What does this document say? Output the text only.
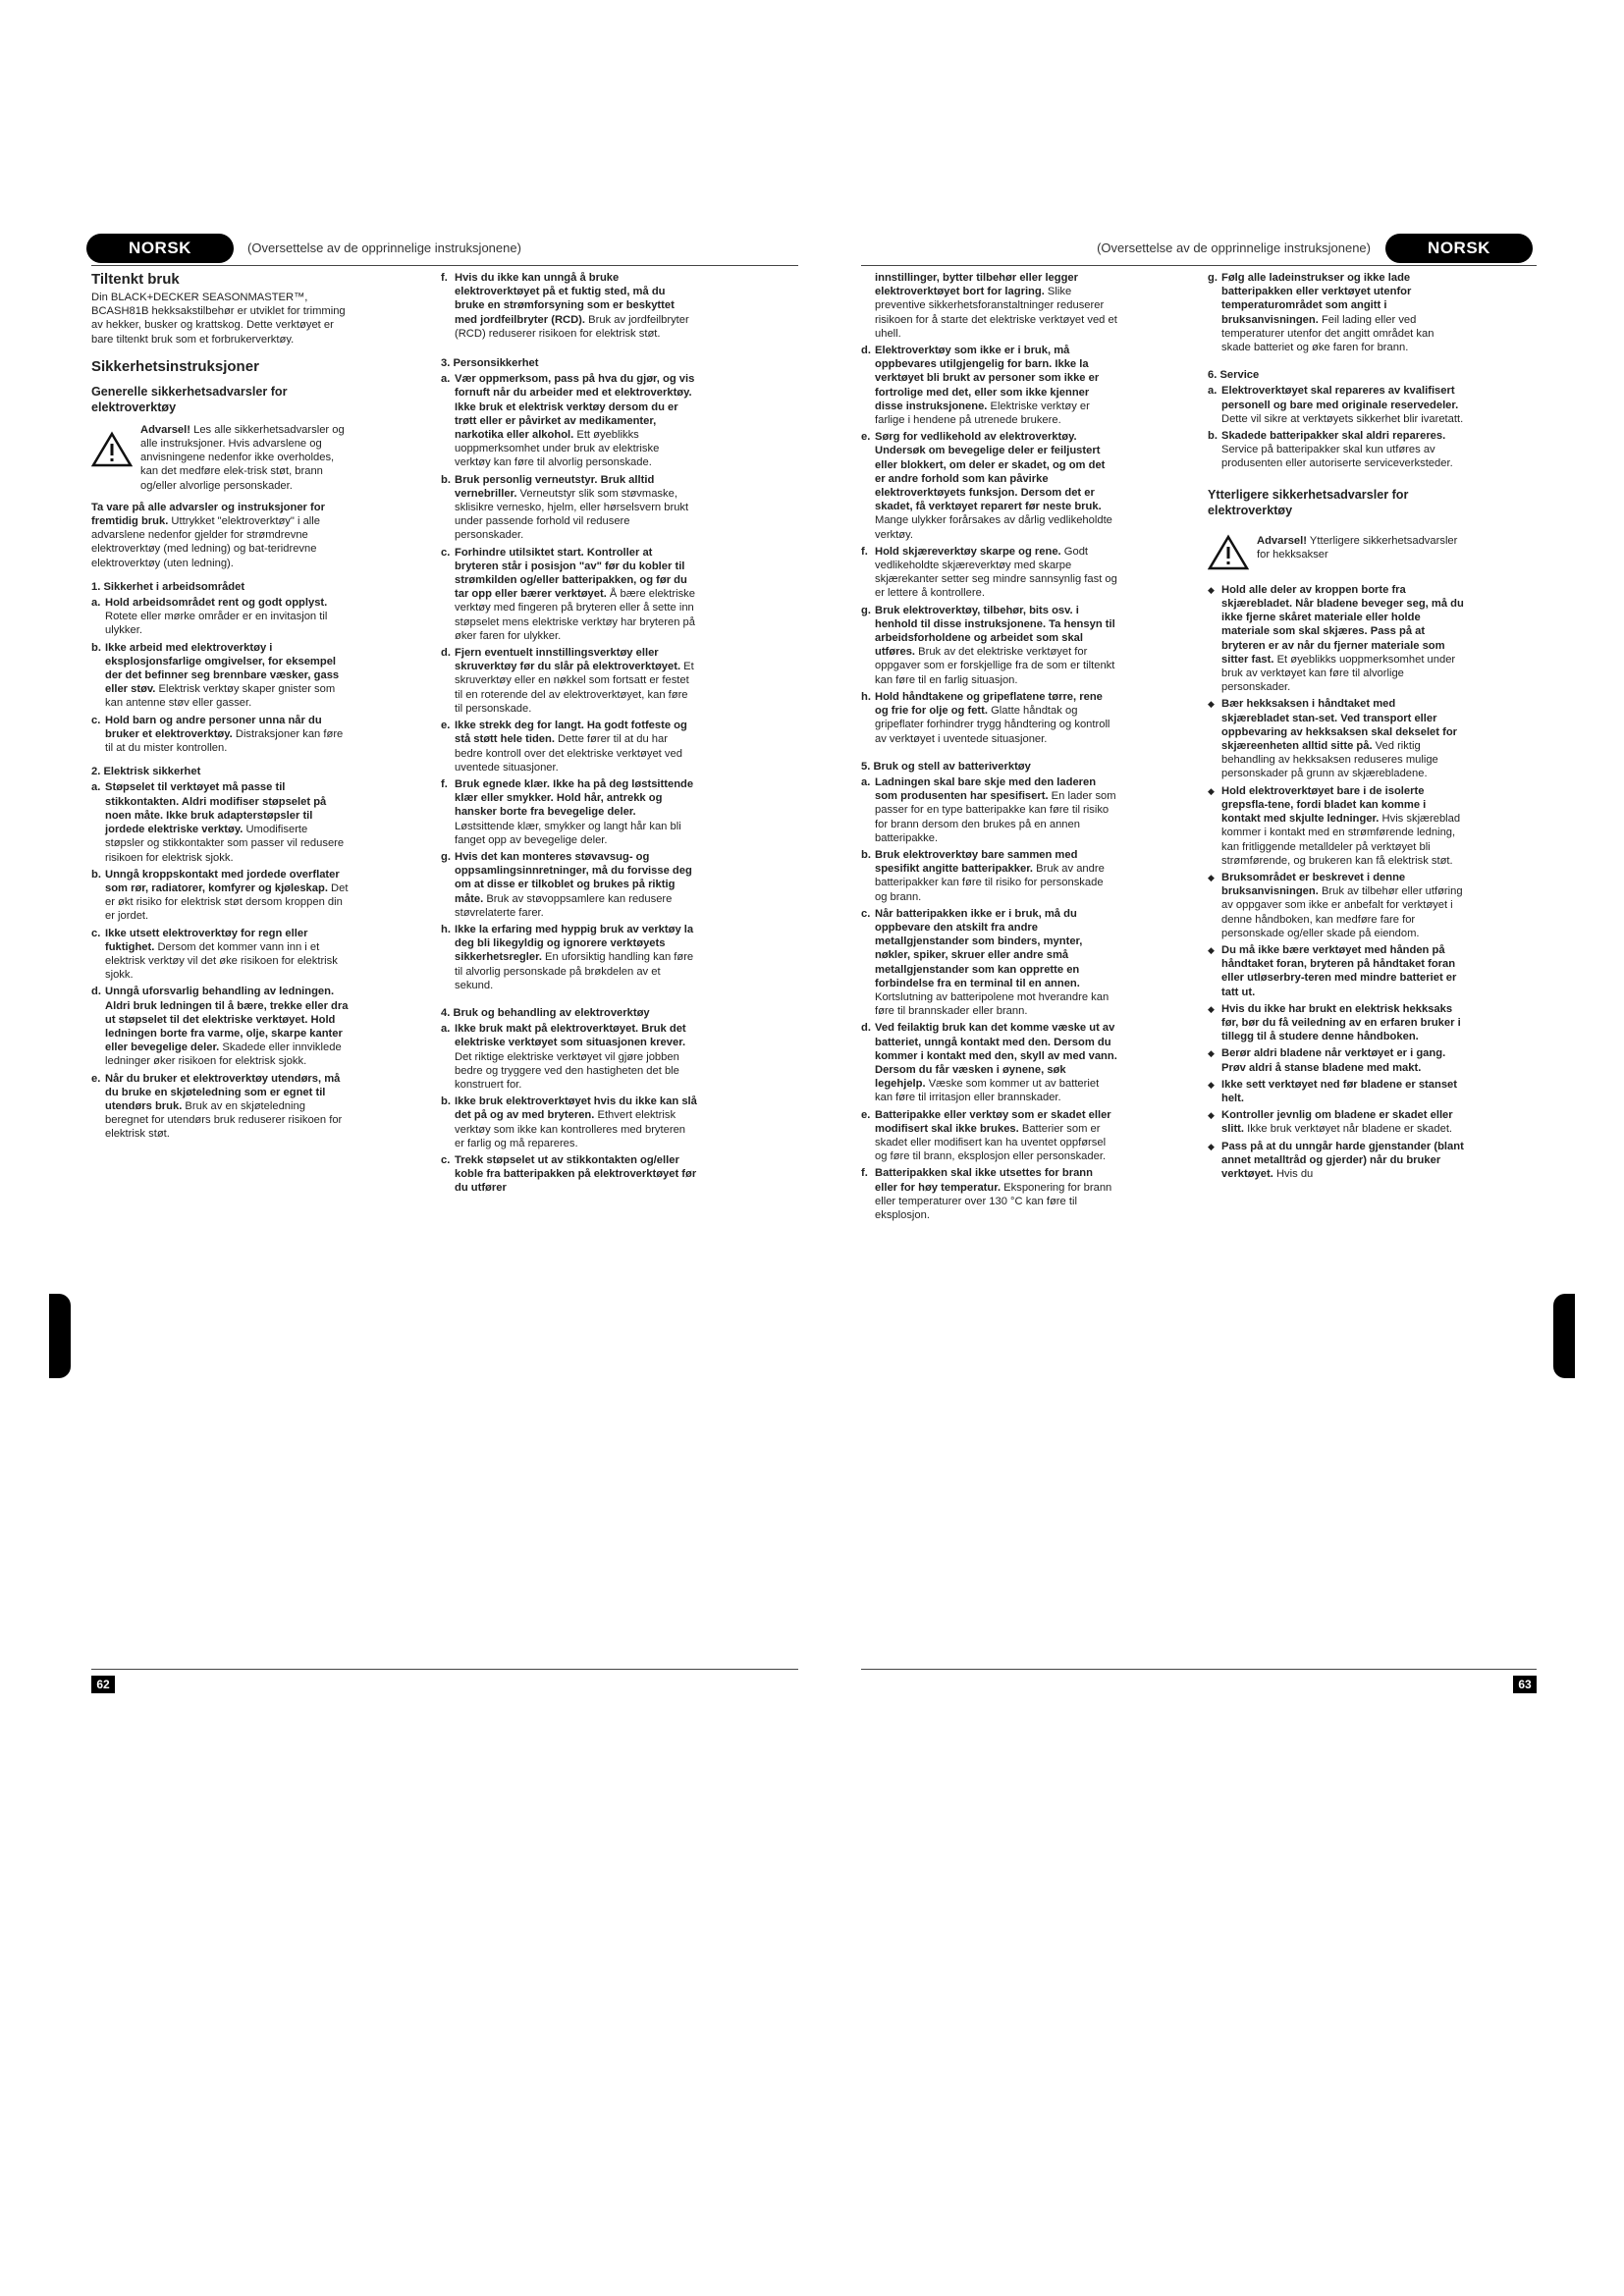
NORSK	(Oversettelse av de opprinnelige instruksjonene)
Tiltenkt bruk

Din BLACK+DECKER SEASONMASTER™, BCASH81B hekksakstilbehør er utviklet for trimming av hekker, busker og krattskog. Dette verktøyet er bare tiltenkt bruk som et forbrukerverktøy.

Sikkerhetsinstruksjoner
Generelle sikkerhetsadvarsler for elektroverktøy
Advarsel! Les alle sikkerhetsadvarsler og alle instruksjoner. Hvis advarslene og anvisningene nedenfor ikke overholdes, kan det medføre elek-trisk støt, brann og/eller alvorlige personskader.

Ta vare på alle advarsler og instruksjoner for fremtidig bruk. Uttrykket "elektroverktøy" i alle advarslene nedenfor gjelder for strømdrevne elektroverktøy (med ledning) og bat-teridrevne elektroverktøy (uten ledning).

1. Sikkerhet i arbeidsområdet
a. Hold arbeidsområdet rent og godt opplyst. Rotete eller mørke områder er en invitasjon til ulykker.
b. Ikke arbeid med elektroverktøy i eksplosjonsfarlige omgivelser, for eksempel der det befinner seg brennbare væsker, gass eller støv. Elektrisk verktøy skaper gnister som kan antenne støv eller gasser.
c. Hold barn og andre personer unna når du bruker et elektroverktøy. Distraksjoner kan føre til at du mister kontrollen.
2. Elektrisk sikkerhet
a. Støpselet til verktøyet må passe til stikkontakten. Aldri modifiser støpselet på noen måte. Ikke bruk adapterstøpsler til jordede elektriske verktøy. Umodifiserte støpsler og stikkontakter som passer vil redusere risikoen for elektrisk sjokk.
b. Unngå kroppskontakt med jordede overflater som rør, radiatorer, komfyrer og kjøleskap. Det er økt risiko for elektrisk støt dersom kroppen din er jordet.
c. Ikke utsett elektroverktøy for regn eller fuktighet. Dersom det kommer vann inn i et elektrisk verktøy vil det øke risikoen for elektrisk sjokk.
d. Unngå uforsvarlig behandling av ledningen. Aldri bruk ledningen til å bære, trekke eller dra ut støpselet til det elektriske verktøyet. Hold ledningen borte fra varme, olje, skarpe kanter eller bevegelige deler. Skadede eller innviklede ledninger øker risikoen for elektrisk sjokk.
e. Når du bruker et elektroverktøy utendørs, må du bruke en skjøteledning som er egnet til utendørs bruk. Bruk av en skjøteledning beregnet for utendørs bruk reduserer risikoen for elektrisk støt.
f. Hvis du ikke kan unngå å bruke elektroverktøyet på et fuktig sted, må du bruke en strømforsyning som er beskyttet med jordfeilbryter (RCD). Bruk av jordfeilbryter (RCD) reduserer risikoen for elektrisk støt.
3. Personsikkerhet
a. Vær oppmerksom, pass på hva du gjør, og vis fornuft når du arbeider med et elektroverktøy. Ikke bruk et elektrisk verktøy dersom du er trøtt eller er påvirket av medikamenter, narkotika eller alkohol. Ett øyeblikks uoppmerksomhet under bruk av elektriske verktøy kan føre til alvorlig personskade.
b. Bruk personlig verneutstyr. Bruk alltid vernebriller. Verneutstyr slik som støvmaske, sklisikre vernesko, hjelm, eller hørselsvern brukt under passende forhold vil redusere personskader.
c. Forhindre utilsiktet start. Kontroller at bryteren står i posisjon "av" før du kobler til strømkilden og/eller batteripakken, og før du tar opp eller bærer verktøyet. Å bære elektriske verktøy med fingeren på bryteren eller å sette inn støpselet mens elektriske verktøy har bryteren på øker faren for ulykker.
d. Fjern eventuelt innstillingsverktøy eller skruverktøy før du slår på elektroverktøyet. Et skruverktøy eller en nøkkel som fortsatt er festet til en roterende del av elektroverktøyet, kan føre til personskade.
e. Ikke strekk deg for langt. Ha godt fotfeste og stå støtt hele tiden. Dette fører til at du har bedre kontroll over det elektriske verktøyet ved uventede situasjoner.
f. Bruk egnede klær. Ikke ha på deg løstsittende klær eller smykker. Hold hår, antrekk og hansker borte fra bevegelige deler. Løstsittende klær, smykker og langt hår kan bli fanget opp av bevegelige deler.
g. Hvis det kan monteres støvavsug- og oppsamlingsinnretninger, må du forvisse deg om at disse er tilkoblet og brukes på riktig måte. Bruk av støvoppsamlere kan redusere støvrelaterte farer.
h. Ikke la erfaring med hyppig bruk av verktøy la deg bli likegyldig og ignorere verktøyets sikkerhetsregler. En uforsiktig handling kan føre til alvorlig personskade på brøkdelen av et sekund.
4. Bruk og behandling av elektroverktøy
a. Ikke bruk makt på elektroverktøyet. Bruk det elektriske verktøyet som situasjonen krever. Det riktige elektriske verktøyet vil gjøre jobben bedre og tryggere ved den hastigheten det ble konstruert for.
b. Ikke bruk elektroverktøyet hvis du ikke kan slå det på og av med bryteren. Ethvert elektrisk verktøy som ikke kan kontrolleres med bryteren er farlig og må repareres.
c. Trekk støpselet ut av stikkontakten og/eller koble fra batteripakken på elektroverktøyet før du utfører
62
(Oversettelse av de opprinnelige instruksjonene)	NORSK
innstillinger, bytter tilbehør eller legger elektroverktøyet bort for lagring. Slike preventive sikkerhetsforanstaltninger reduserer risikoen for å starte det elektriske verktøyet ved et uhell.
d. Elektroverktøy som ikke er i bruk, må oppbevares utilgjengelig for barn. Ikke la verktøyet bli brukt av personer som ikke er fortrolige med det, eller som ikke kjenner disse instruksjonene. Elektriske verktøy er farlige i hendene på utrenede brukere.
e. Sørg for vedlikehold av elektroverktøy. Undersøk om bevegelige deler er feiljustert eller blokkert, om deler er skadet, og om det er andre forhold som kan påvirke elektroverktøyets funksjon. Dersom det er skadet, få verktøyet reparert før neste bruk. Mange ulykker forårsakes av dårlig vedlikeholdte verktøy.
f. Hold skjæreverktøy skarpe og rene. Godt vedlikeholdte skjæreverktøy med skarpe skjærekanter setter seg mindre sannsynlig fast og er lettere å kontrollere.
g. Bruk elektroverktøy, tilbehør, bits osv. i henhold til disse instruksjonene. Ta hensyn til arbeidsforholdene og arbeidet som skal utføres. Bruk av det elektriske verktøyet for oppgaver som er forskjellige fra de som er tiltenkt kan føre til en farlig situasjon.
h. Hold håndtakene og gripeflatene tørre, rene og frie for olje og fett. Glatte håndtak og gripeflater forhindrer trygg håndtering og kontroll av verktøyet i uventede situasjoner.
5. Bruk og stell av batteriverktøy
a. Ladningen skal bare skje med den laderen som produsenten har spesifisert. En lader som passer for en type batteripakke kan føre til risiko for brann dersom den brukes på en annen batteripakke.
b. Bruk elektroverktøy bare sammen med spesifikt angitte batteripakker. Bruk av andre batteripakker kan føre til risiko for personskade og brann.
c. Når batteripakken ikke er i bruk, må du oppbevare den atskilt fra andre metallgjenstander som binders, mynter, nøkler, spiker, skruer eller andre små metallgjenstander som kan opprette en forbindelse fra en terminal til en annen. Kortslutning av batteripolene mot hverandre kan føre til brannskader eller brann.
d. Ved feilaktig bruk kan det komme væske ut av batteriet, unngå kontakt med den. Dersom du kommer i kontakt med den, skyll av med vann. Dersom du får væsken i øynene, søk legehjelp. Væske som kommer ut av batteriet kan føre til irritasjon eller brannskader.
e. Batteripakke eller verktøy som er skadet eller modifisert skal ikke brukes. Batterier som er skadet eller modifisert kan ha uventet oppførsel og føre til brann, eksplosjon eller personskader.
f. Batteripakken skal ikke utsettes for brann eller for høy temperatur. Eksponering for brann eller temperaturer over 130 °C kan føre til eksplosjon.
g. Følg alle ladeinstrukser og ikke lade batteripakken eller verktøyet utenfor temperaturområdet som angitt i bruksanvisningen. Feil lading eller ved temperaturer utenfor det angitt området kan skade batteriet og øke faren for brann.
6. Service
a. Elektroverktøyet skal repareres av kvalifisert personell og bare med originale reservedeler. Dette vil sikre at verktøyets sikkerhet blir ivaretatt.
b. Skadede batteripakker skal aldri repareres. Service på batteripakker skal kun utføres av produsenten eller autoriserte serviceverksteder.
Ytterligere sikkerhetsadvarsler for elektroverktøy
Advarsel! Ytterligere sikkerhetsadvarsler for hekksakser
◆ Hold alle deler av kroppen borte fra skjærebladet. Når bladene beveger seg, må du ikke fjerne skåret materiale eller holde materiale som skal skjæres. Pass på at bryteren er av når du fjerner materiale som sitter fast. Et øyeblikks uoppmerksomhet under bruk av verktøyet kan føre til alvorlige personskader.
◆ Bær hekksaksen i håndtaket med skjærebladet stan-set. Ved transport eller oppbevaring av hekksaksen skal dekselet for skjæreenheten alltid sitte på. Ved riktig behandling av hekksaksen reduseres mulige personskader på grunn av skjærebladene.
◆ Hold elektroverktøyet bare i de isolerte grepsfla-tene, fordi bladet kan komme i kontakt med skjulte ledninger. Hvis skjæreblad kommer i kontakt med en strømførende ledning, kan fritliggende metalldeler på verktøyet bli strømførende, og brukeren kan få elektrisk støt.
◆ Bruksområdet er beskrevet i denne bruksanvisningen. Bruk av tilbehør eller utføring av oppgaver som ikke er anbefalt for verktøyet i denne håndboken, kan medføre fare for personskade og/eller skade på eiendom.
◆ Du må ikke bære verktøyet med hånden på håndtaket foran, bryteren på håndtaket foran eller utløserbry-teren med mindre batteriet er tatt ut.
◆ Hvis du ikke har brukt en elektrisk hekksaks før, bør du få veiledning av en erfaren bruker i tillegg til å studere denne håndboken.
◆ Berør aldri bladene når verktøyet er i gang. Prøv aldri å stanse bladene med makt.
◆ Ikke sett verktøyet ned før bladene er stanset helt.
◆ Kontroller jevnlig om bladene er skadet eller slitt. Ikke bruk verktøyet når bladene er skadet.
◆ Pass på at du unngår harde gjenstander (blant annet metalltråd og gjerder) når du bruker verktøyet. Hvis du
63
